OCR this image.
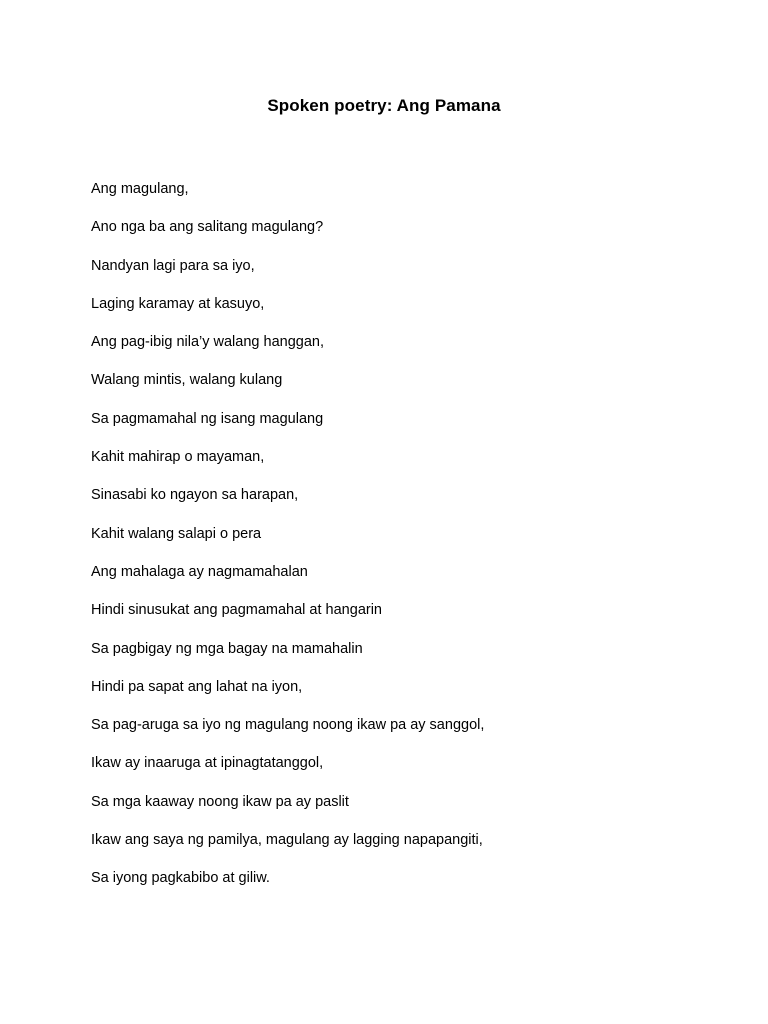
Spoken poetry: Ang Pamana
Ang magulang,
Ano nga ba ang salitang magulang?
Nandyan lagi para sa iyo,
Laging karamay at kasuyo,
Ang pag-ibig nila’y walang hanggan,
Walang mintis, walang kulang
Sa pagmamahal ng isang magulang
Kahit mahirap o mayaman,
Sinasabi ko ngayon sa harapan,
Kahit walang salapi o pera
Ang mahalaga ay nagmamahalan
Hindi sinusukat ang pagmamahal at hangarin
Sa pagbigay ng mga bagay na mamahalin
Hindi pa sapat ang lahat na iyon,
Sa pag-aruga sa iyo ng magulang noong ikaw pa ay sanggol,
Ikaw ay inaaruga at ipinagtatanggol,
Sa mga kaaway noong ikaw pa ay paslit
Ikaw ang saya ng pamilya, magulang ay lagging napapangiti,
Sa iyong pagkabibo at giliw.
